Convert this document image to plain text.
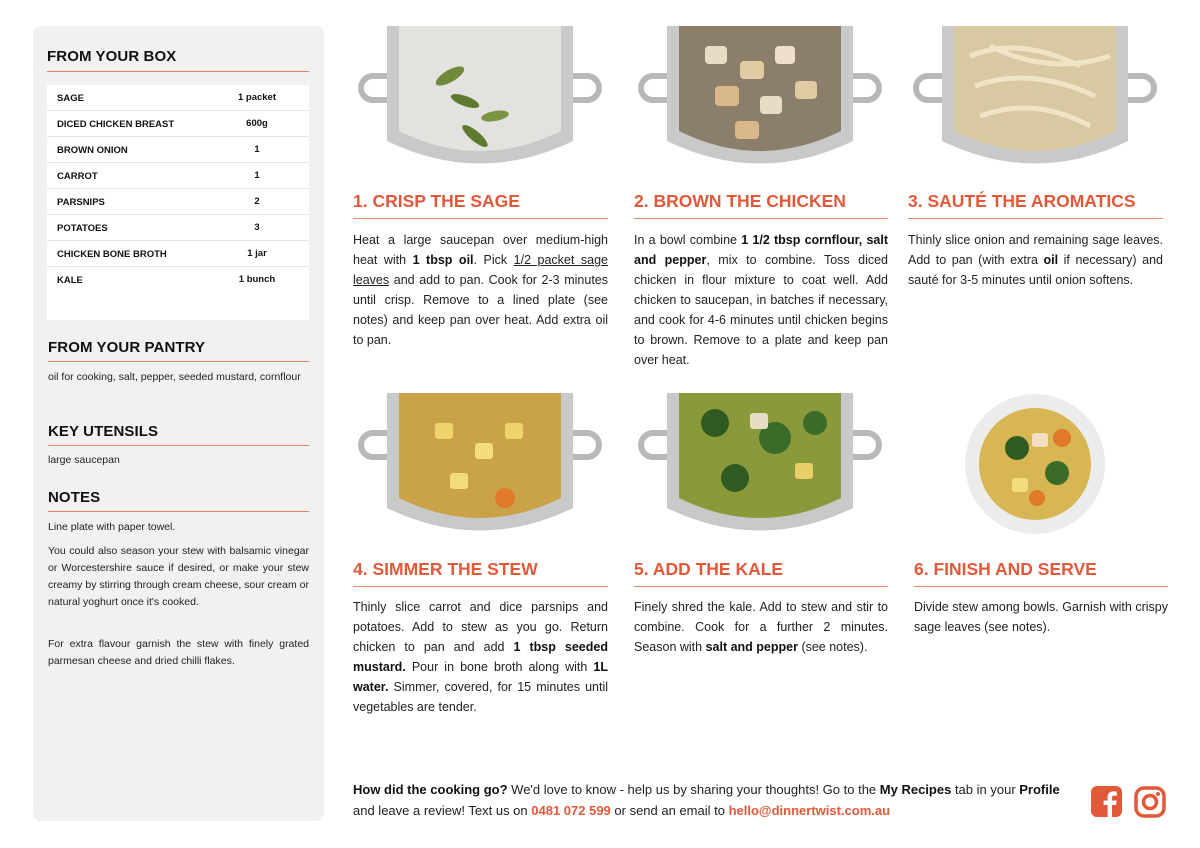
FROM YOUR BOX
SAGE	1 packet
DICED CHICKEN BREAST	600g
BROWN ONION	1
CARROT	1
PARSNIPS	2
POTATOES	3
CHICKEN BONE BROTH	1 jar
KALE	1 bunch
FROM YOUR PANTRY
oil for cooking, salt, pepper, seeded mustard, cornflour
KEY UTENSILS
large saucepan
NOTES
Line plate with paper towel.
You could also season your stew with balsamic vinegar or Worcestershire sauce if desired, or make your stew creamy by stirring through cream cheese, sour cream or natural yoghurt once it's cooked.
For extra flavour garnish the stew with finely grated parmesan cheese and dried chilli flakes.
1. CRISP THE SAGE
Heat a large saucepan over medium-high heat with 1 tbsp oil. Pick 1/2 packet sage leaves and add to pan. Cook for 2-3 minutes until crisp. Remove to a lined plate (see notes) and keep pan over heat. Add extra oil to pan.
2. BROWN THE CHICKEN
In a bowl combine 1 1/2 tbsp cornflour, salt and pepper, mix to combine. Toss diced chicken in flour mixture to coat well. Add chicken to saucepan, in batches if necessary, and cook for 4-6 minutes until chicken begins to brown. Remove to a plate and keep pan over heat.
3. SAUTÉ THE AROMATICS
Thinly slice onion and remaining sage leaves. Add to pan (with extra oil if necessary) and sauté for 3-5 minutes until onion softens.
4. SIMMER THE STEW
Thinly slice carrot and dice parsnips and potatoes. Add to stew as you go. Return chicken to pan and add 1 tbsp seeded mustard. Pour in bone broth along with 1L water. Simmer, covered, for 15 minutes until vegetables are tender.
5. ADD THE KALE
Finely shred the kale. Add to stew and stir to combine. Cook for a further 2 minutes. Season with salt and pepper (see notes).
6. FINISH AND SERVE
Divide stew among bowls. Garnish with crispy sage leaves (see notes).
How did the cooking go? We'd love to know - help us by sharing your thoughts! Go to the My Recipes tab in your Profile and leave a review! Text us on 0481 072 599 or send an email to hello@dinnertwist.com.au
